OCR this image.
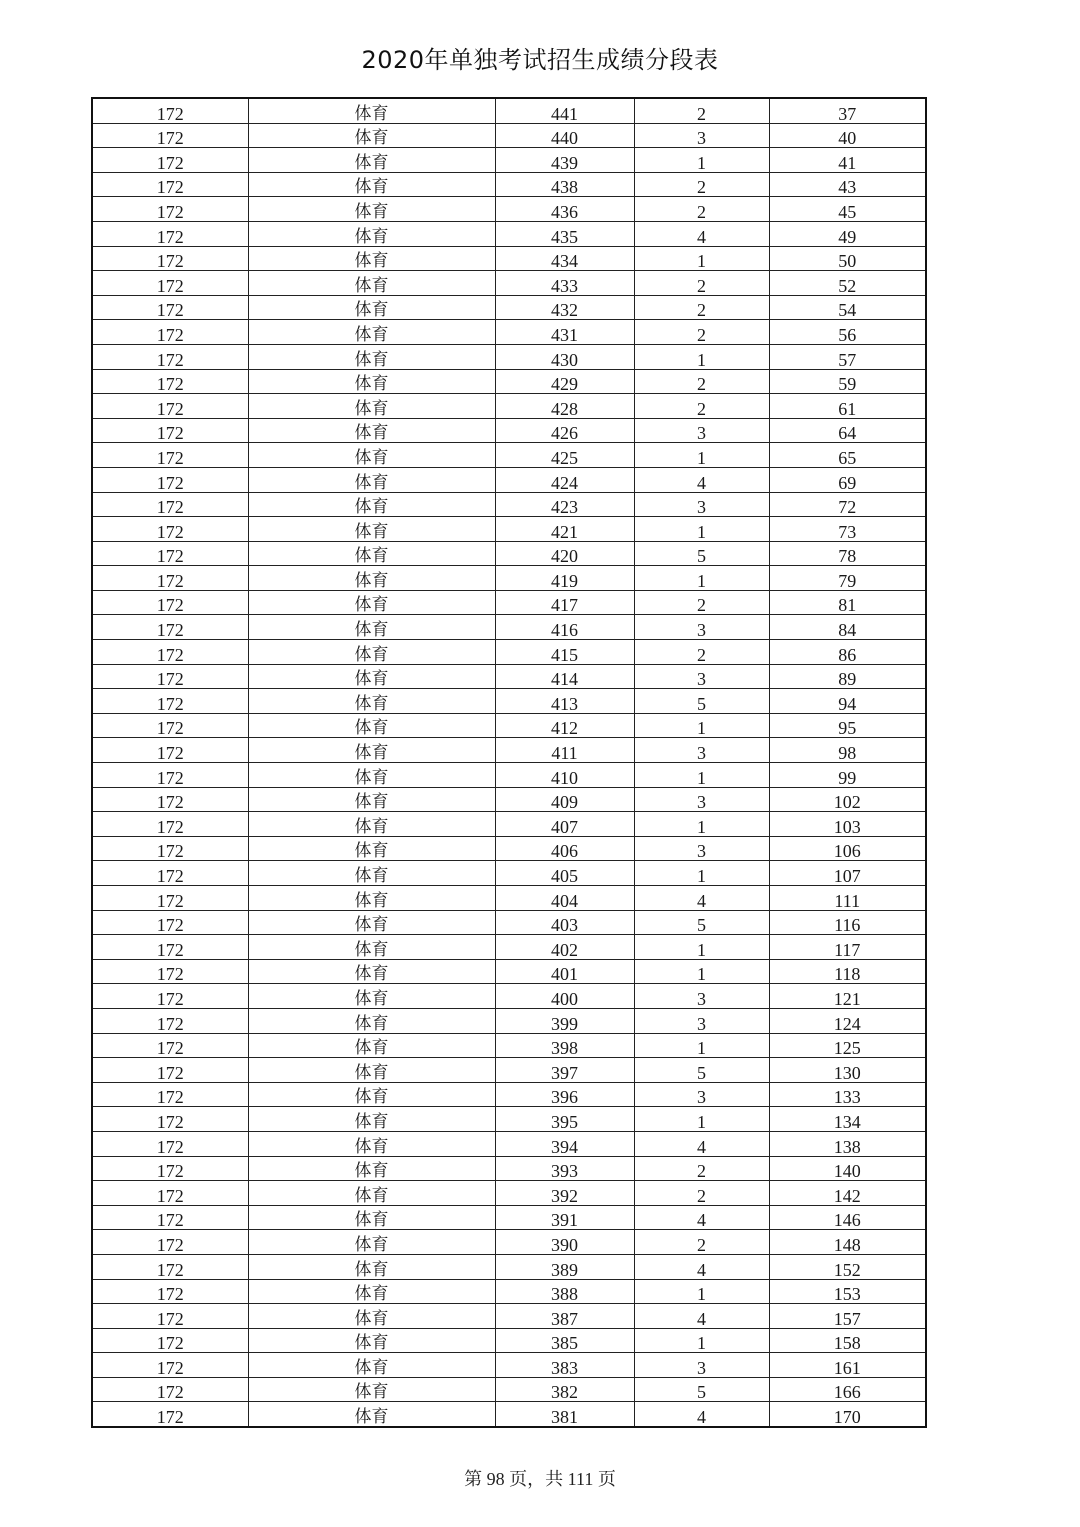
2020年单独考试招生成绩分段表
172	体育	441	2	37
172	体育	440	3	40
172	体育	439	1	41
172	体育	438	2	43
172	体育	436	2	45
172	体育	435	4	49
172	体育	434	1	50
172	体育	433	2	52
172	体育	432	2	54
172	体育	431	2	56
172	体育	430	1	57
172	体育	429	2	59
172	体育	428	2	61
172	体育	426	3	64
172	体育	425	1	65
172	体育	424	4	69
172	体育	423	3	72
172	体育	421	1	73
172	体育	420	5	78
172	体育	419	1	79
172	体育	417	2	81
172	体育	416	3	84
172	体育	415	2	86
172	体育	414	3	89
172	体育	413	5	94
172	体育	412	1	95
172	体育	411	3	98
172	体育	410	1	99
172	体育	409	3	102
172	体育	407	1	103
172	体育	406	3	106
172	体育	405	1	107
172	体育	404	4	111
172	体育	403	5	116
172	体育	402	1	117
172	体育	401	1	118
172	体育	400	3	121
172	体育	399	3	124
172	体育	398	1	125
172	体育	397	5	130
172	体育	396	3	133
172	体育	395	1	134
172	体育	394	4	138
172	体育	393	2	140
172	体育	392	2	142
172	体育	391	4	146
172	体育	390	2	148
172	体育	389	4	152
172	体育	388	1	153
172	体育	387	4	157
172	体育	385	1	158
172	体育	383	3	161
172	体育	382	5	166
172	体育	381	4	170
第 98 页，共 111 页
